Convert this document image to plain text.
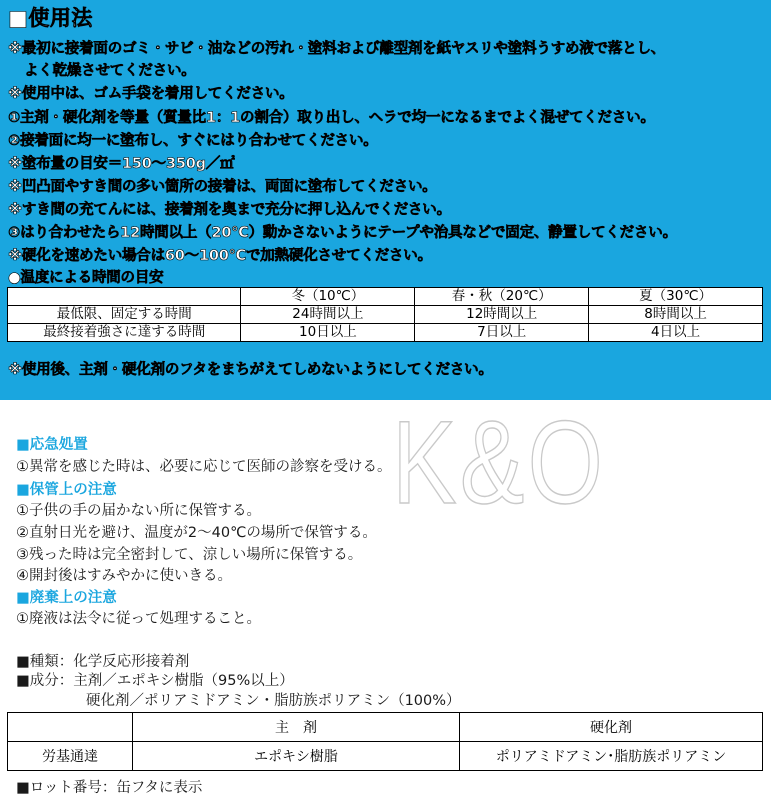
■使用法
※最初に接着面のゴミ・サビ・油などの汚れ・塗料および離型剤を紙ヤスリや塗料うすめ液で落とし、
よく乾燥させてください。
※使用中は、ゴム手袋を着用してください。
①主剤・硬化剤を等量（質量比1：1の割合）取り出し、ヘラで均一になるまでよく混ぜてください。
②接着面に均一に塗布し、すぐにはり合わせてください。
※塗布量の目安＝150～350g／㎡
※凹凸面やすき間の多い箇所の接着は、両面に塗布してください。
※すき間の充てんには、接着剤を奥まで充分に押し込んでください。
③はり合わせたら12時間以上（20℃）動かさないようにテープや治具などで固定、静置してください。
※硬化を速めたい場合は60～100℃で加熱硬化させてください。
●温度による時間の目安
	冬（10℃）	春・秋（20℃）	夏（30℃）
最低限、固定する時間	24時間以上	12時間以上	8時間以上
最終接着強さに達する時間	10日以上	7日以上	4日以上
※使用後、主剤・硬化剤のフタをまちがえてしめないようにしてください。
K&O
■応急処置
①異常を感じた時は、必要に応じて医師の診察を受ける。
■保管上の注意
①子供の手の届かない所に保管する。
②直射日光を避け、温度が2～40℃の場所で保管する。
③残った時は完全密封して、涼しい場所に保管する。
④開封後はすみやかに使いきる。
■廃棄上の注意
①廃液は法令に従って処理すること。
■種類：化学反応形接着剤
■成分：主剤／エポキシ樹脂（95%以上）
硬化剤／ポリアミドアミン・脂肪族ポリアミン（100%）
	主　剤	硬化剤
労基通達	エポキシ樹脂	ポリアミドアミン･脂肪族ポリアミン
■ロット番号：缶フタに表示
